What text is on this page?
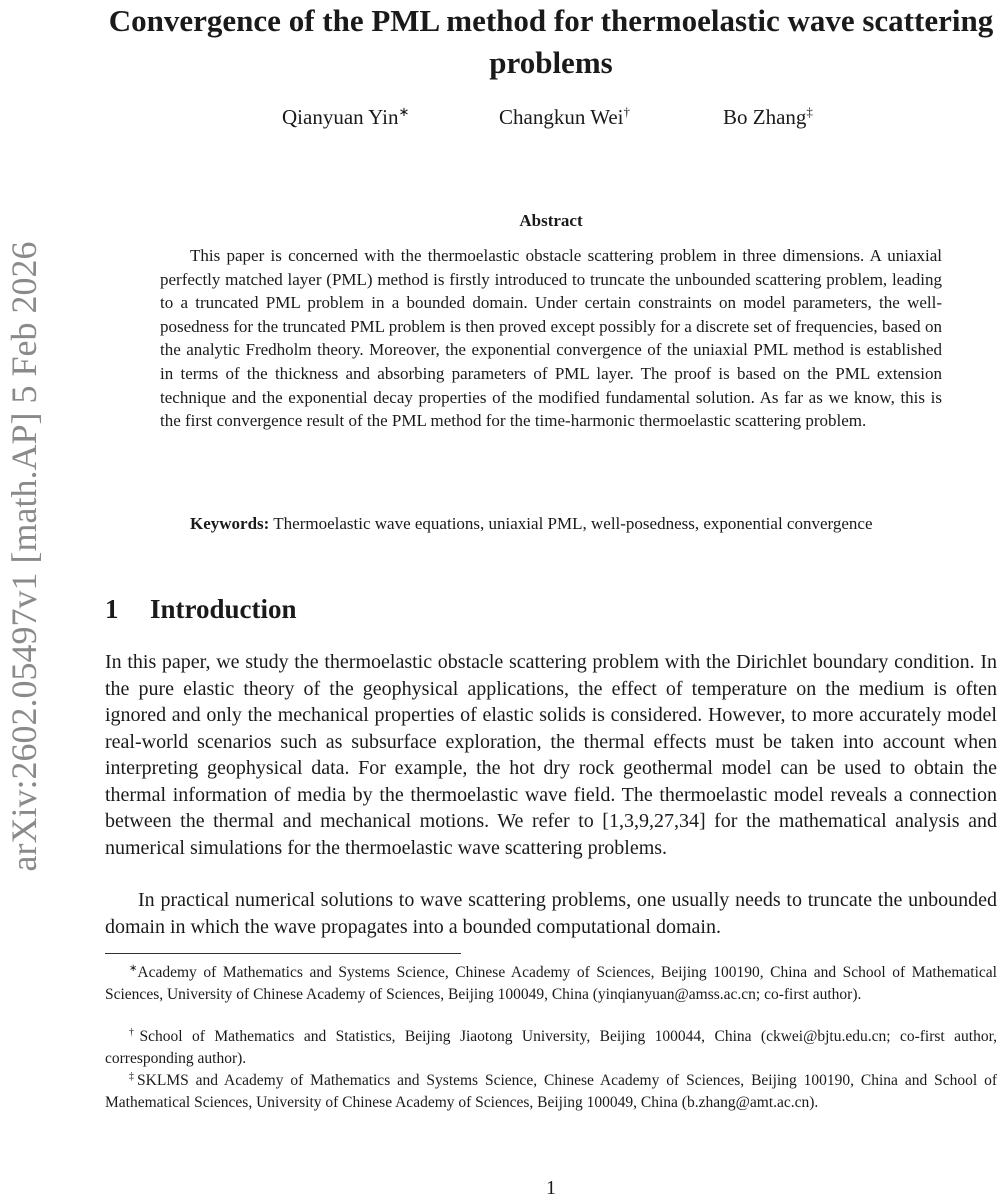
arXiv:2602.05497v1 [math.AP] 5 Feb 2026
Convergence of the PML method for thermoelastic wave scattering problems
Qianyuan Yin∗	Changkun Wei†	Bo Zhang‡
Abstract

This paper is concerned with the thermoelastic obstacle scattering problem in three dimensions. A uniaxial perfectly matched layer (PML) method is firstly introduced to truncate the unbounded scattering problem, leading to a truncated PML problem in a bounded domain. Under certain constraints on model parameters, the well-posedness for the truncated PML problem is then proved except possibly for a discrete set of frequencies, based on the analytic Fredholm theory. Moreover, the exponential convergence of the uniaxial PML method is established in terms of the thickness and absorbing parameters of PML layer. The proof is based on the PML extension technique and the exponential decay properties of the modified fundamental solution. As far as we know, this is the first convergence result of the PML method for the time-harmonic thermoelastic scattering problem.

Keywords: Thermoelastic wave equations, uniaxial PML, well-posedness, exponential convergence

1 Introduction

In this paper, we study the thermoelastic obstacle scattering problem with the Dirichlet boundary condition. In the pure elastic theory of the geophysical applications, the effect of temperature on the medium is often ignored and only the mechanical properties of elastic solids is considered. However, to more accurately model real-world scenarios such as subsurface exploration, the thermal effects must be taken into account when interpreting geophysical data. For example, the hot dry rock geothermal model can be used to obtain the thermal information of media by the thermoelastic wave field. The thermoelastic model reveals a connection between the thermal and mechanical motions. We refer to [1,3,9,27,34] for the mathematical analysis and numerical simulations for the thermoelastic wave scattering problems.

In practical numerical solutions to wave scattering problems, one usually needs to truncate the unbounded domain in which the wave propagates into a bounded computational domain.

∗Academy of Mathematics and Systems Science, Chinese Academy of Sciences, Beijing 100190, China and School of Mathematical Sciences, University of Chinese Academy of Sciences, Beijing 100049, China (yinqianyuan@amss.ac.cn; co-first author).

†School of Mathematics and Statistics, Beijing Jiaotong University, Beijing 100044, China (ckwei@bjtu.edu.cn; co-first author, corresponding author).

‡SKLMS and Academy of Mathematics and Systems Science, Chinese Academy of Sciences, Beijing 100190, China and School of Mathematical Sciences, University of Chinese Academy of Sciences, Beijing 100049, China (b.zhang@amt.ac.cn).

1
